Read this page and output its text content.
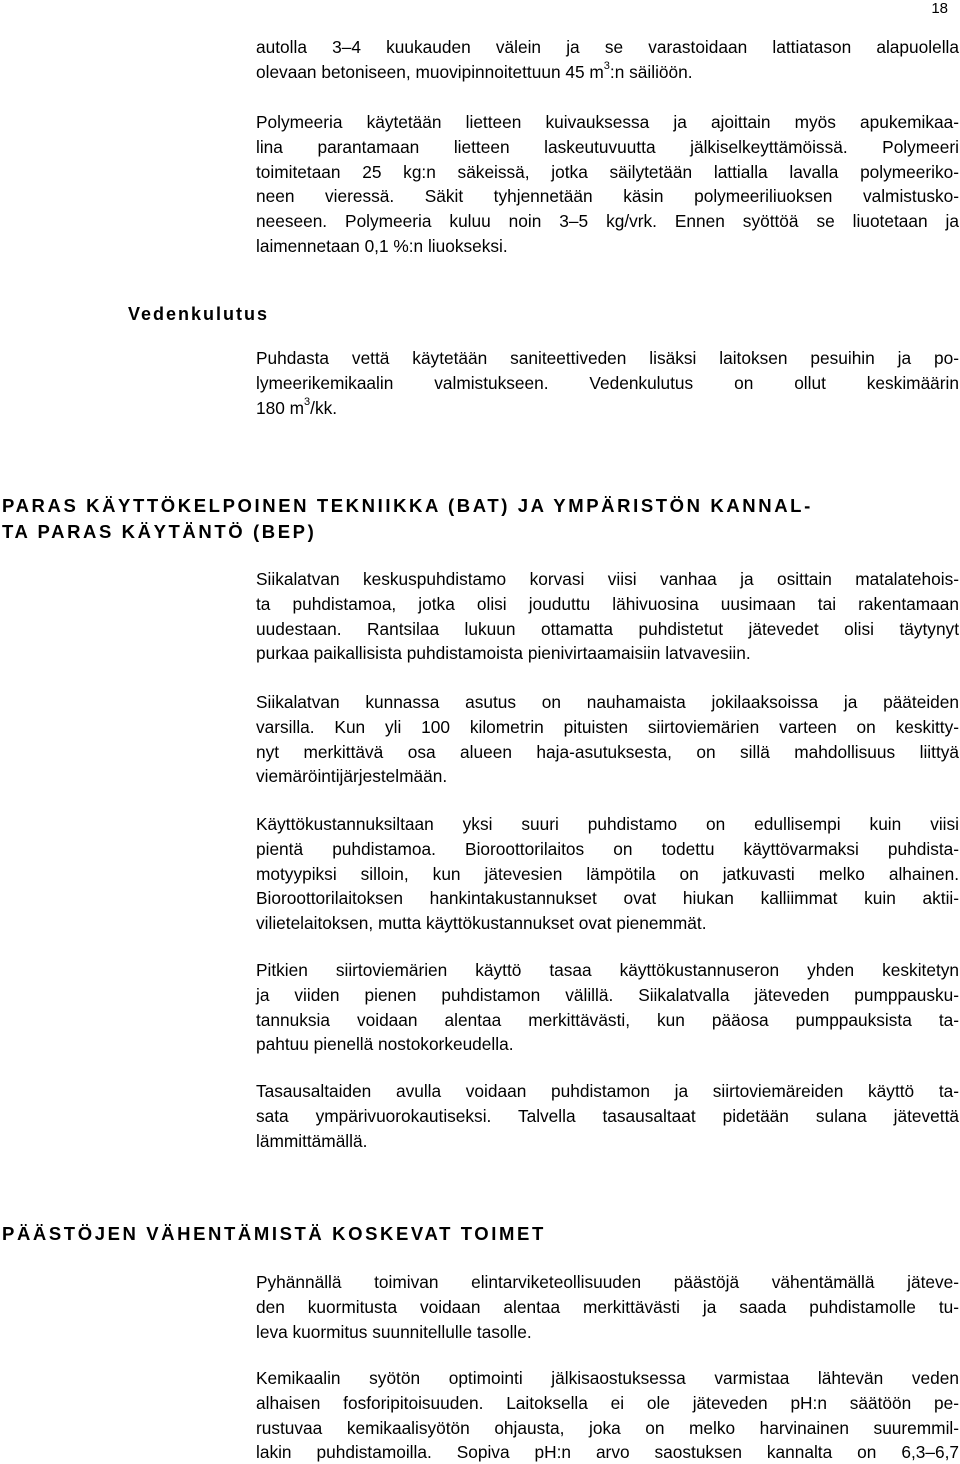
18

autolla 3–4 kuukauden välein ja se varastoidaan lattiatason alapuolella
olevaan betoniseen, muovipinnoitettuun 45 $m^3:n$ säiliöön.

Polymeeria käytetään lietteen kuivauksessa ja ajoittain myös apukemikaa-
lina parantamaan lietteen laskeutuvuutta jälkiselkeyttämöissä. Polymeeri
toimitetaan 25 kg:n säkeissä, jotka säilytetään lattialla lavalla polymeeriko-
neen vieressä. Säkit tyhjennetään käsin polymeeriliuoksen valmistusko-
neeseen. Polymeeria kuluu noin 3–5 kg/vrk. Ennen syöttöä se liuotetaan ja
laimennetaan 0,1 %:n liuokseksi.

Vedenkulutus

Puhdasta vettä käytetään saniteettiveden lisäksi laitoksen pesuihin ja po-
lymeerikemikaalin valmistukseen. Vedenkulutus on ollut keskimäärin
180 $m^3/kk$.

PARAS KÄYTTÖKELPOINEN TEKNIIKKA (BAT) JA YMPÄRISTÖN KANNAL-
TA PARAS KÄYTÄNTÖ (BEP)

Siikalatvan keskuspuhdistamo korvasi viisi vanhaa ja osittain matalatehois-
ta puhdistamoa, jotka olisi jouduttu lähivuosina uusimaan tai rakentamaan
uudestaan. Rantsilaa lukuun ottamatta puhdistetut jätevedet olisi täytynyt
purkaa paikallisista puhdistamoista pienivirtaamaisiin latvavesiin.

Siikalatvan kunnassa asutus on nauhamaista jokilaaksoissa ja pääteiden
varsilla. Kun yli 100 kilometrin pituisten siirtoviemärien varteen on keskitty-
nyt merkittävä osa alueen haja-asutuksesta, on sillä mahdollisuus liittyä
viemäröintijärjestelmään.

Käyttökustannuksiltaan yksi suuri puhdistamo on edullisempi kuin viisi
pientä puhdistamoa. Bioroottorilaitos on todettu käyttövarmaksi puhdista-
motyypiksi silloin, kun jätevesien lämpötila on jatkuvasti melko alhainen.
Bioroottorilaitoksen hankintakustannukset ovat hiukan kalliimmat kuin aktii-
vilietelaitoksen, mutta käyttökustannukset ovat pienemmät.

Pitkien siirtoviemärien käyttö tasaa käyttökustannuseron yhden keskitetyn
ja viiden pienen puhdistamon välillä. Siikalatvalla jäteveden pumppausku-
tannuksia voidaan alentaa merkittävästi, kun pääosa pumppauksista ta-
pahtuu pienellä nostokorkeudella.

Tasausaltaiden avulla voidaan puhdistamon ja siirtoviemäreiden käyttö ta-
sata ympärivuorokautiseksi. Talvella tasausaltaat pidetään sulana jätevettä
lämmittämällä.

PÄÄSTÖJEN VÄHENTÄMISTÄ KOSKEVAT TOIMET

Pyhännällä toimivan elintarviketeollisuuden päästöjä vähentämällä jäteve-
den kuormitusta voidaan alentaa merkittävästi ja saada puhdistamolle tu-
leva kuormitus suunnitellulle tasolle.

Kemikaalin syötön optimointi jälkisaostuksessa varmistaa lähtevän veden
alhaisen fosforipitoisuuden. Laitoksella ei ole jäteveden pH:n säätöön pe-
rustuvaa kemikaalisyötön ohjausta, joka on melko harvinainen suuremmil-
lakin puhdistamoilla. Sopiva pH:n arvo saostuksen kannalta on 6,3–6,7
